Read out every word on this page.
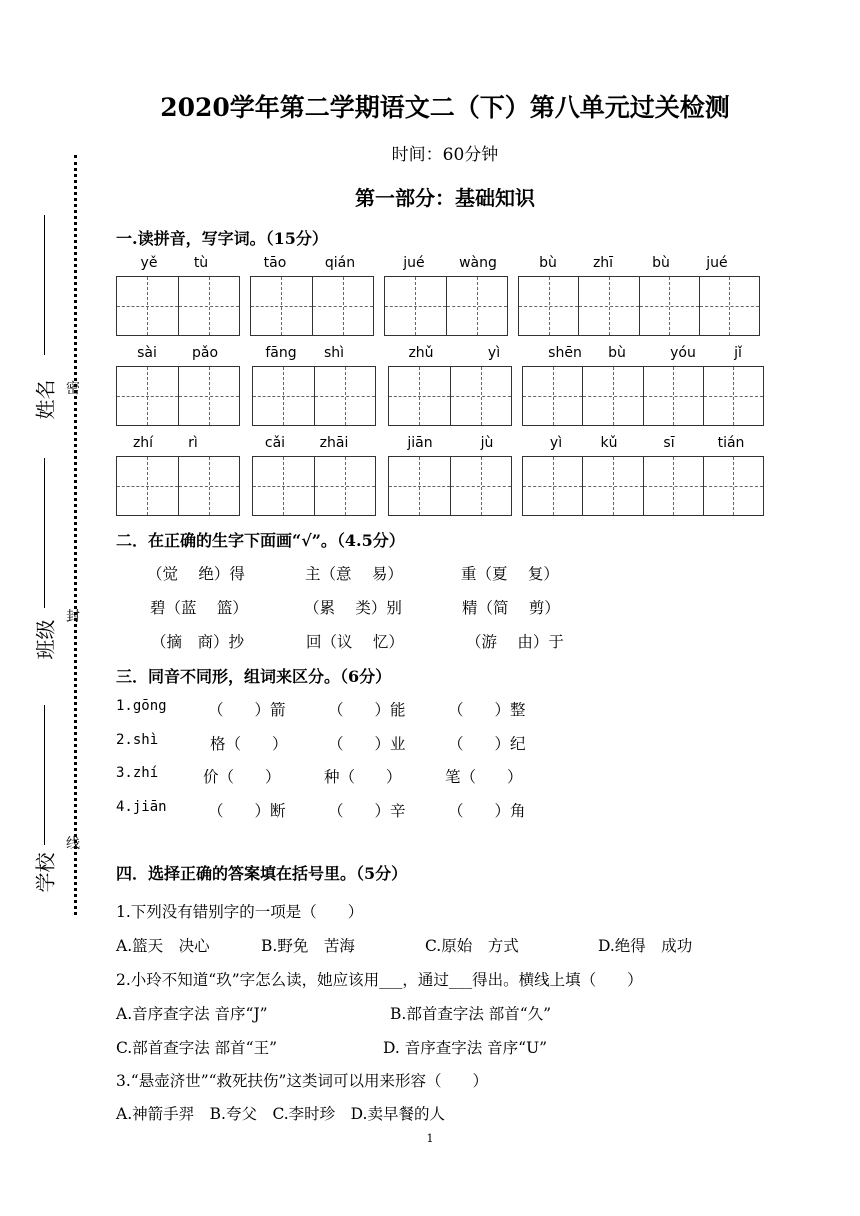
2020学年第二学期语文二（下）第八单元过关检测
时间：60分钟
第一部分：基础知识
姓名
班级
学校
密
封
线
一.读拼音，写字词。（15分）
yě	tù	tāo	qián	jué	wàng	bù	zhī	bù	jué
sài	pǎo	fāng	shì	zhǔ	yì	shēn	bù	yóu	jǐ
zhí	rì	cǎi	zhāi	jiān	jù	yì	kǔ	sī	tián
二．在正确的生字下面画“√”。（4.5分）
（觉　 绝）得	主（意　 易）	重（夏　 复）
碧（蓝　 篮）	（累　 类）别	精（简　 剪）
（摘　商）抄	回（议　 忆）	（游　 由）于
三．同音不同形，组词来区分。（6分）
1.gōng	（　　）箭	（　　）能	（　　）整
2.shì	格（　　）	（　　）业	（　　）纪
3.zhí	价（　　）	种（　　）	笔（　　）
4.jiān	（　　）断	（　　）辛	（　　）角
四．选择正确的答案填在括号里。（5分）
1.下列没有错别字的一项是（　　）
A.篮天　决心	B.野免　苦海	C.原始　方式	D.绝得　成功
2.小玲不知道“玖”字怎么读，她应该用___，通过___得出。横线上填（　　）
A.音序查字法 音序“J”	B.部首查字法 部首“久”
C.部首查字法 部首“王”	D. 音序查字法 音序“U”
3.“悬壶济世”“救死扶伤”这类词可以用来形容（　　）
A.神箭手羿　B.夸父　C.李时珍　D.卖早餐的人
1
